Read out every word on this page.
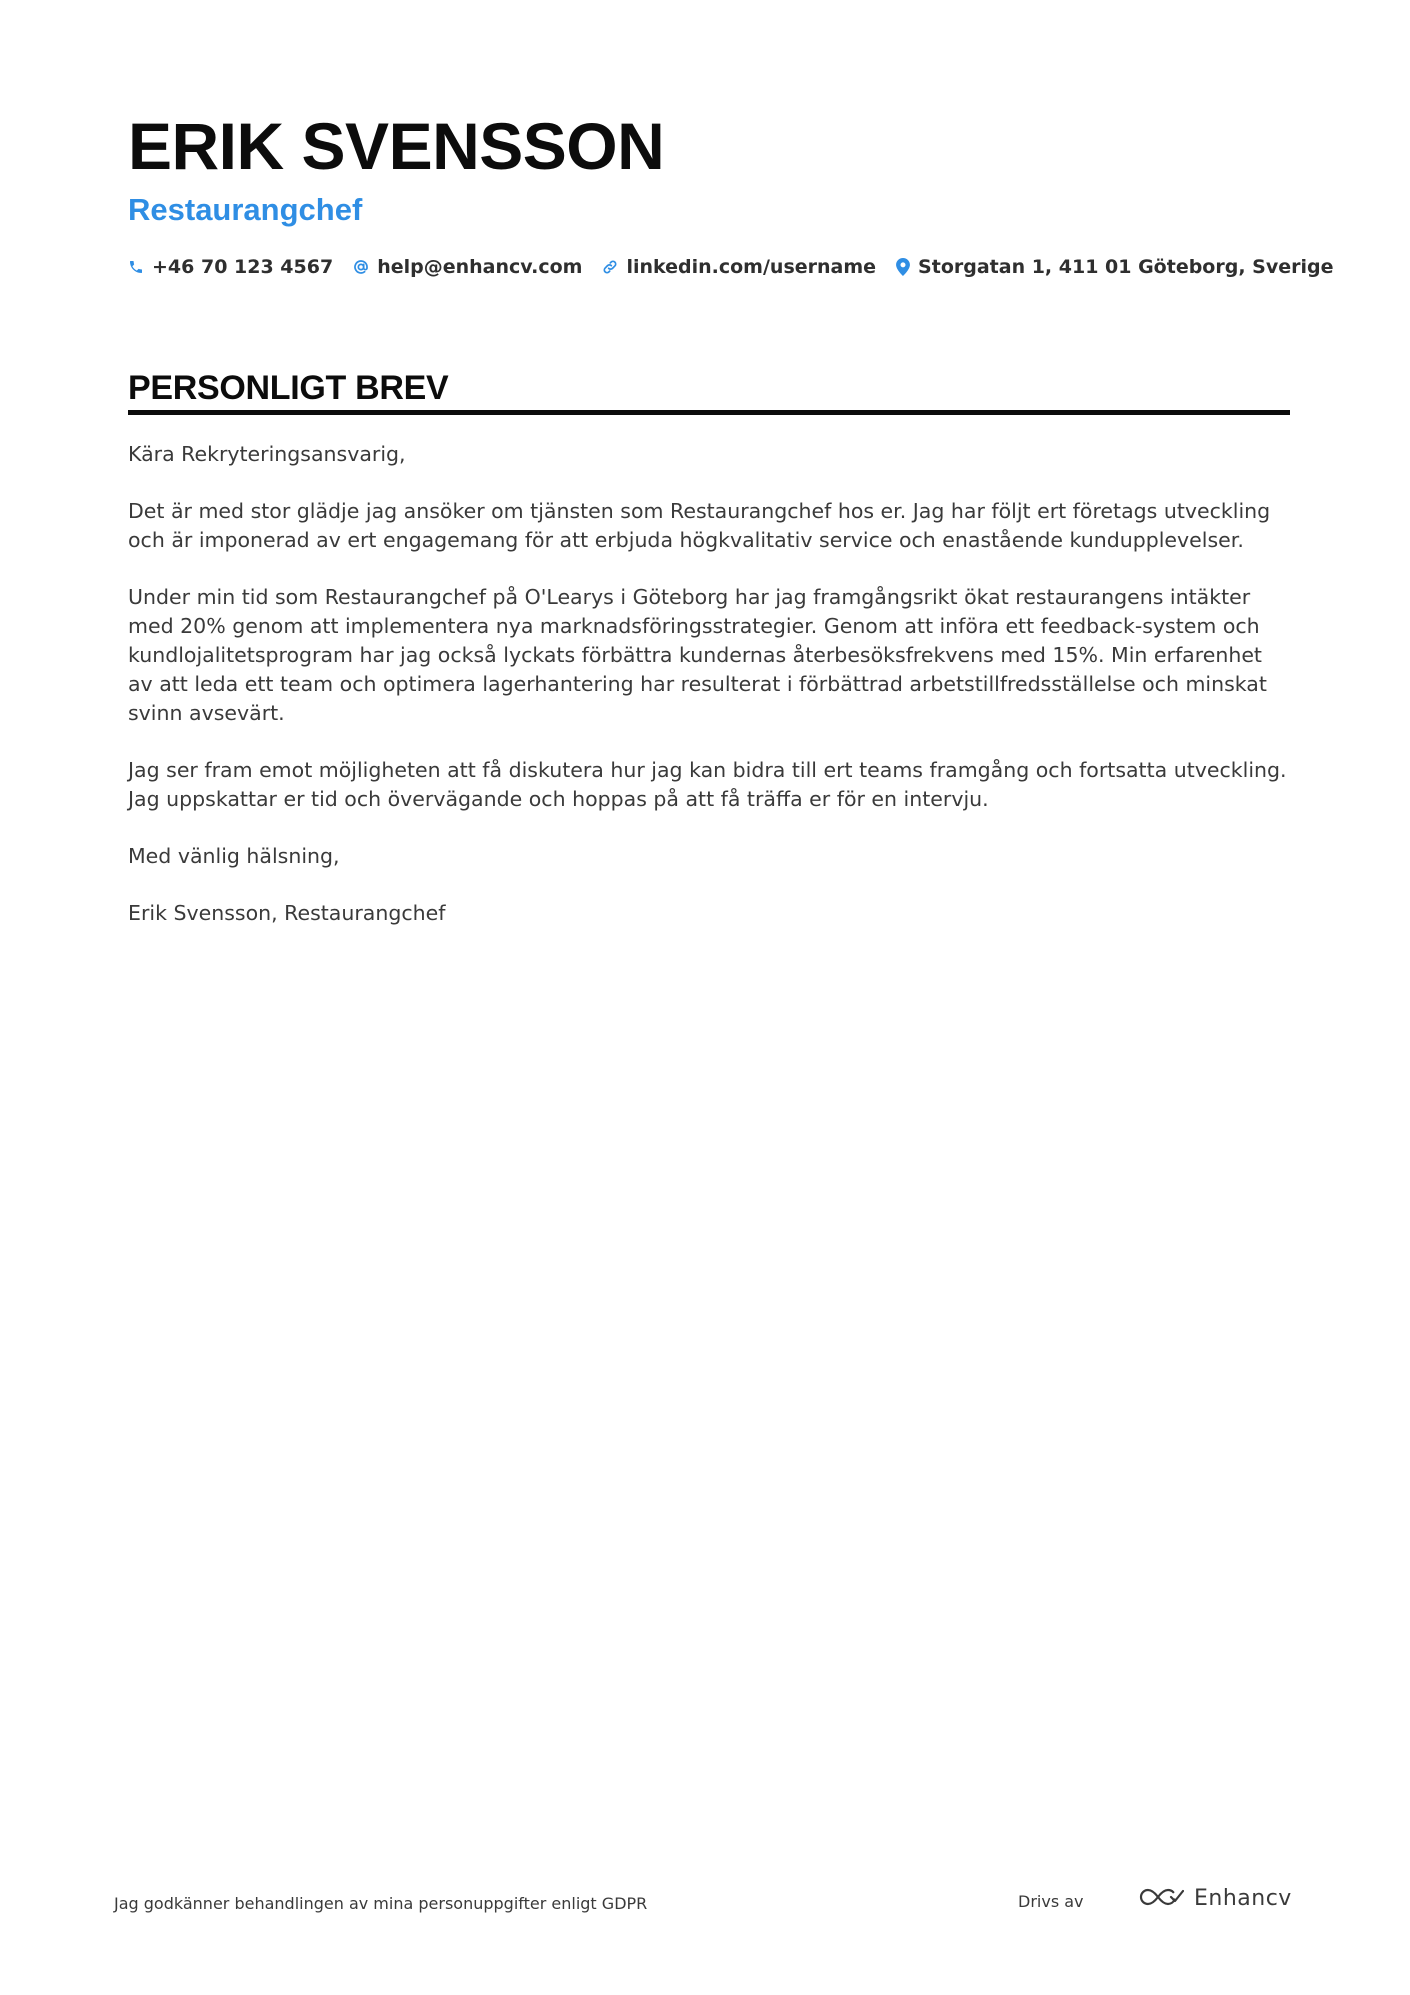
ERIK SVENSSON
Restaurangchef
+46 70 123 4567 help@enhancv.com linkedin.com/username Storgatan 1, 411 01 Göteborg, Sverige
PERSONLIGT BREV

Kära Rekryteringsansvarig,

Det är med stor glädje jag ansöker om tjänsten som Restaurangchef hos er. Jag har följt ert företags utveckling och är imponerad av ert engagemang för att erbjuda högkvalitativ service och enastående kundupplevelser.

Under min tid som Restaurangchef på O'Learys i Göteborg har jag framgångsrikt ökat restaurangens intäkter med 20% genom att implementera nya marknadsföringsstrategier. Genom att införa ett feedback-system och kundlojalitetsprogram har jag också lyckats förbättra kundernas återbesöksfrekvens med 15%. Min erfarenhet av att leda ett team och optimera lagerhantering har resulterat i förbättrad arbetstillfredsställelse och minskat svinn avsevärt.

Jag ser fram emot möjligheten att få diskutera hur jag kan bidra till ert teams framgång och fortsatta utveckling. Jag uppskattar er tid och övervägande och hoppas på att få träffa er för en intervju.

Med vänlig hälsning,

Erik Svensson, Restaurangchef

Jag godkänner behandlingen av mina personuppgifter enligt GDPR	Drivs av	Enhancv
